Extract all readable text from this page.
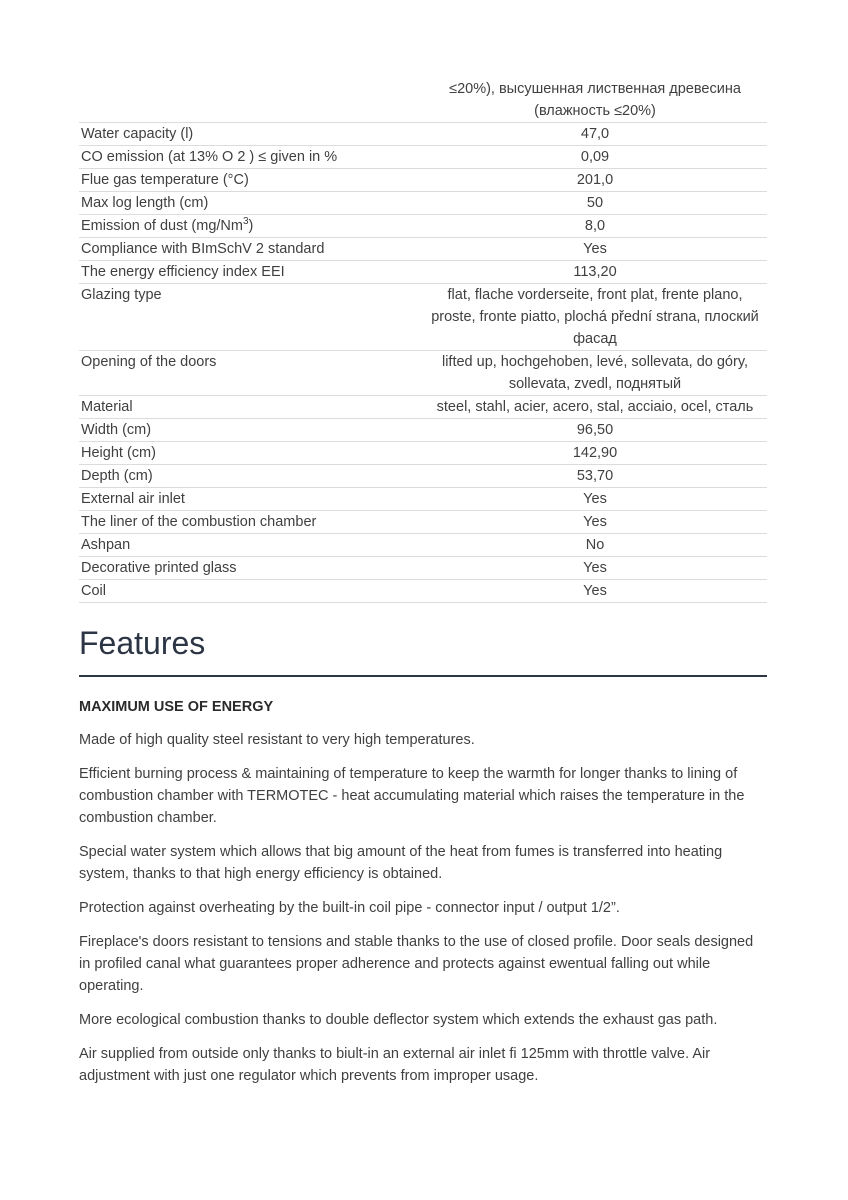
	≤20%), высушенная лиственная древесина (влажность ≤20%)
Water capacity (l)	47,0
CO emission (at 13% O 2 ) ≤ given in %	0,09
Flue gas temperature (°C)	201,0
Max log length (cm)	50
Emission of dust (mg/Nm$^3$)	8,0
Compliance with BImSchV 2 standard	Yes
The energy efficiency index EEI	113,20
Glazing type	flat, flache vorderseite, front plat, frente plano, proste, fronte piatto, plochá přední strana, плоский фасад
Opening of the doors	lifted up, hochgehoben, levé, sollevata, do góry, sollevata, zvedl, поднятый
Material	steel, stahl, acier, acero, stal, acciaio, ocel, сталь
Width (cm)	96,50
Height (cm)	142,90
Depth (cm)	53,70
External air inlet	Yes
The liner of the combustion chamber	Yes
Ashpan	No
Decorative printed glass	Yes
Coil	Yes
Features
MAXIMUM USE OF ENERGY

Made of high quality steel resistant to very high temperatures.

Efficient burning process & maintaining of temperature to keep the warmth for longer thanks to lining of combustion chamber with TERMOTEC - heat accumulating material which raises the temperature in the combustion chamber.

Special water system which allows that big amount of the heat from fumes is transferred into heating system, thanks to that high energy efficiency is obtained.

Protection against overheating by the built-in coil pipe - connector input / output 1/2”.

Fireplace's doors resistant to tensions and stable thanks to the use of closed profile. Door seals designed in profiled canal what guarantees proper adherence and protects against ewentual falling out while operating.

More ecological combustion thanks to double deflector system which extends the exhaust gas path.

Air supplied from outside only thanks to biult-in an external air inlet fi 125mm with throttle valve. Air adjustment with just one regulator which prevents from improper usage.
